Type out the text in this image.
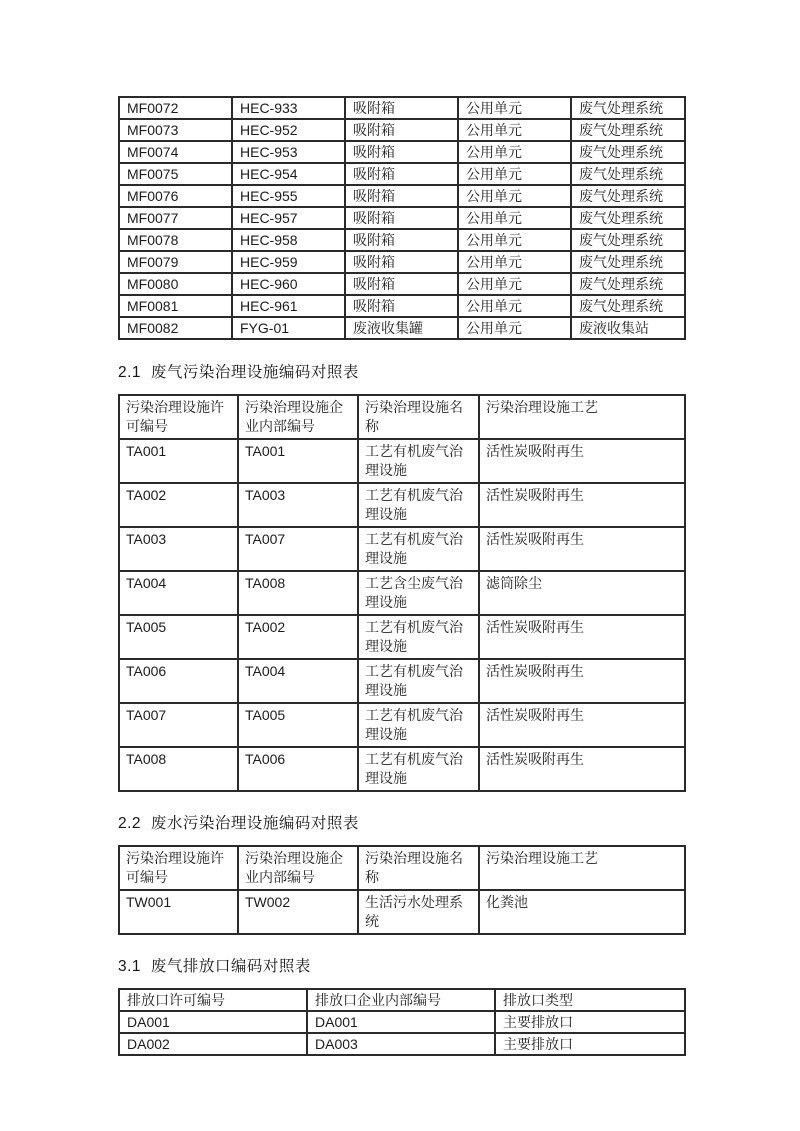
MF0072	HEC-933	吸附箱	公用单元	废气处理系统
MF0073	HEC-952	吸附箱	公用单元	废气处理系统
MF0074	HEC-953	吸附箱	公用单元	废气处理系统
MF0075	HEC-954	吸附箱	公用单元	废气处理系统
MF0076	HEC-955	吸附箱	公用单元	废气处理系统
MF0077	HEC-957	吸附箱	公用单元	废气处理系统
MF0078	HEC-958	吸附箱	公用单元	废气处理系统
MF0079	HEC-959	吸附箱	公用单元	废气处理系统
MF0080	HEC-960	吸附箱	公用单元	废气处理系统
MF0081	HEC-961	吸附箱	公用单元	废气处理系统
MF0082	FYG-01	废液收集罐	公用单元	废液收集站
2.1 废气污染治理设施编码对照表
污染治理设施许可编号	污染治理设施企业内部编号	污染治理设施名称	污染治理设施工艺
TA001	TA001	工艺有机废气治理设施	活性炭吸附再生
TA002	TA003	工艺有机废气治理设施	活性炭吸附再生
TA003	TA007	工艺有机废气治理设施	活性炭吸附再生
TA004	TA008	工艺含尘废气治理设施	滤筒除尘
TA005	TA002	工艺有机废气治理设施	活性炭吸附再生
TA006	TA004	工艺有机废气治理设施	活性炭吸附再生
TA007	TA005	工艺有机废气治理设施	活性炭吸附再生
TA008	TA006	工艺有机废气治理设施	活性炭吸附再生
2.2 废水污染治理设施编码对照表
污染治理设施许可编号	污染治理设施企业内部编号	污染治理设施名称	污染治理设施工艺
TW001	TW002	生活污水处理系统	化粪池
3.1 废气排放口编码对照表
排放口许可编号	排放口企业内部编号	排放口类型
DA001	DA001	主要排放口
DA002	DA003	主要排放口
